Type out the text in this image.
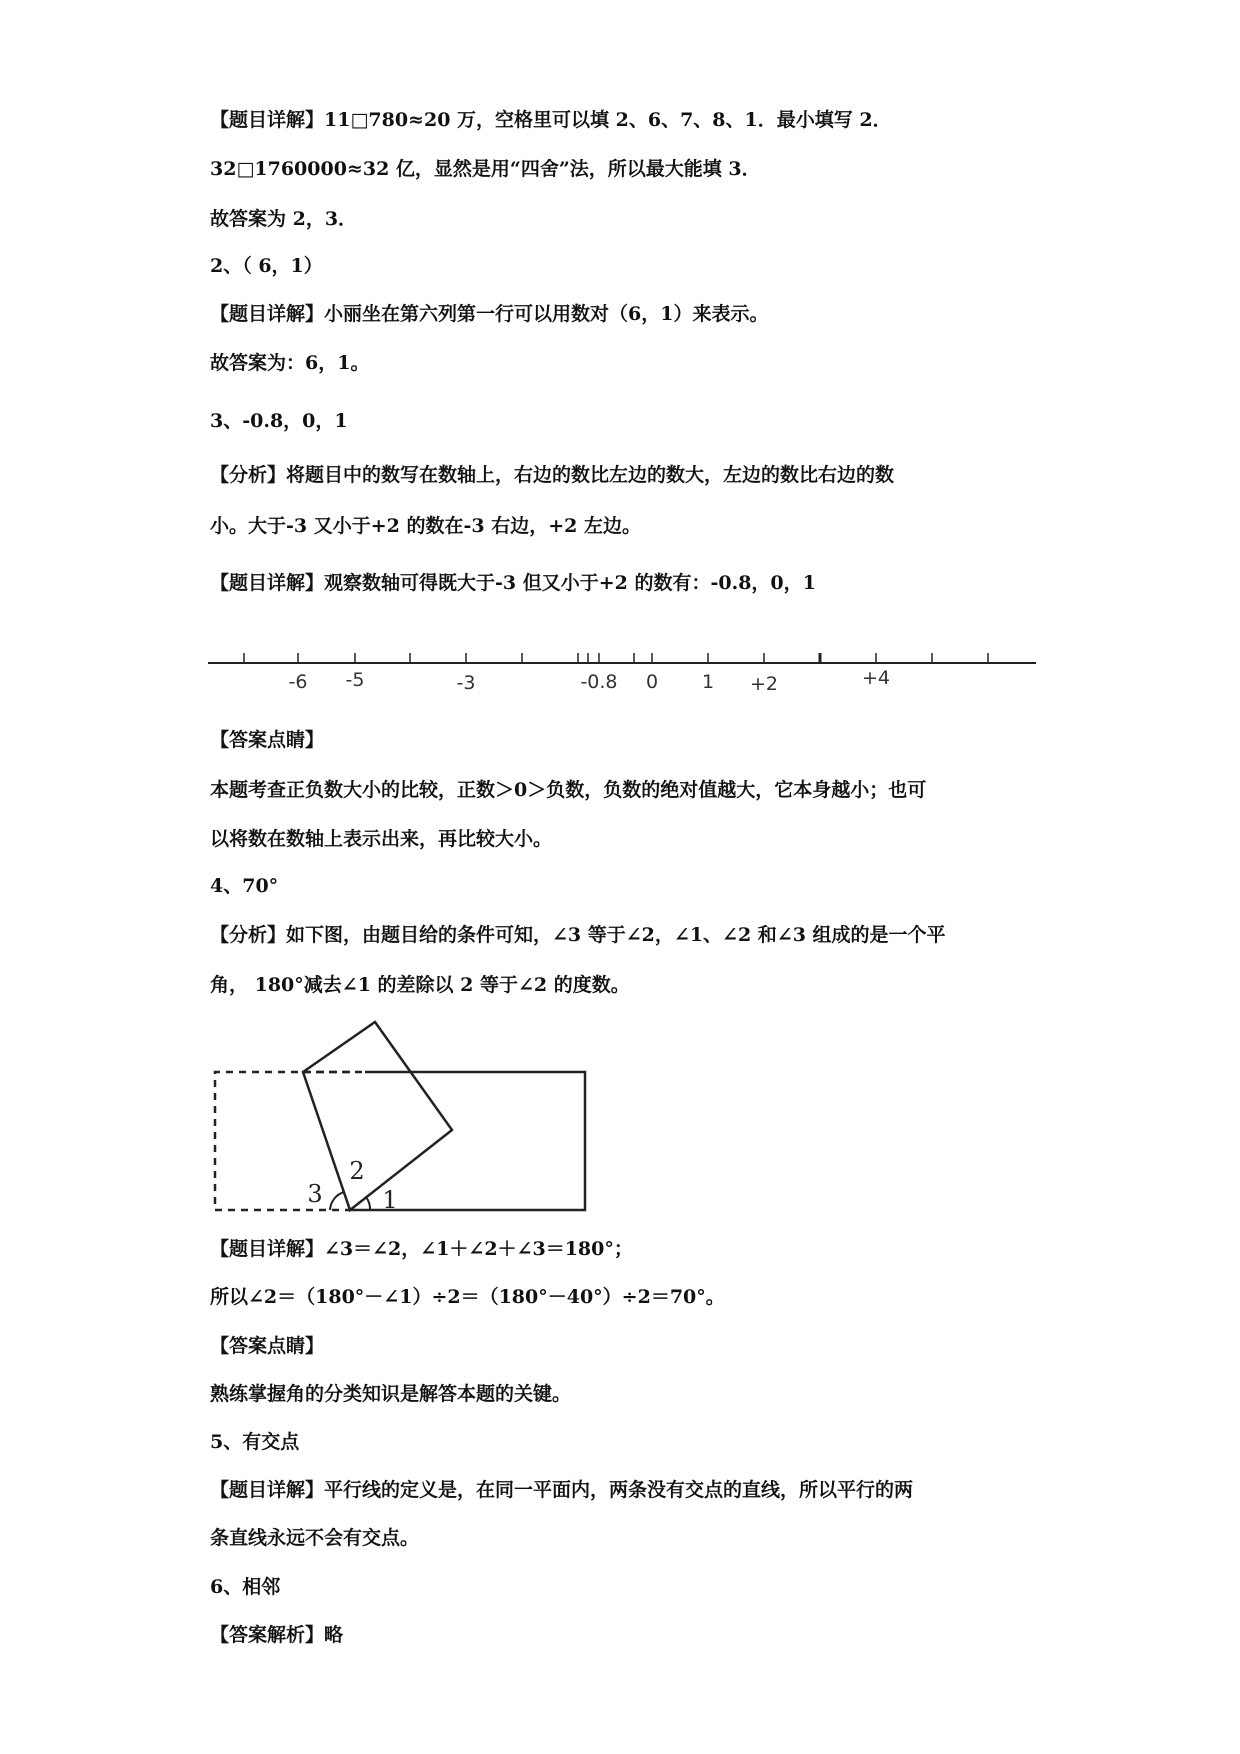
【题目详解】11□780≈20 万，空格里可以填 2、6、7、8、1．最小填写 2．
32□1760000≈32 亿，显然是用“四舍”法，所以最大能填 3．
故答案为 2，3．
2、（ 6，1）
【题目详解】小丽坐在第六列第一行可以用数对（6，1）来表示。
故答案为：6，1。
3、-0.8，0，1
【分析】将题目中的数写在数轴上，右边的数比左边的数大，左边的数比右边的数
小。大于-3 又小于+2 的数在-3 右边，+2 左边。
【题目详解】观察数轴可得既大于-3 但又小于+2 的数有：-0.8，0，1
-6 -5	-3	-0.8 0 1 +2	+4
【答案点睛】
本题考查正负数大小的比较，正数＞0＞负数，负数的绝对值越大，它本身越小；也可
以将数在数轴上表示出来，再比较大小。
4、70°
【分析】如下图，由题目给的条件可知，∠3 等于∠2，∠1、∠2 和∠3 组成的是一个平
角， 180°减去∠1 的差除以 2 等于∠2 的度数。
3
2
1
【题目详解】∠3＝∠2，∠1＋∠2＋∠3＝180°；
所以∠2＝（180°－∠1）÷2＝（180°－40°）÷2＝70°。
【答案点睛】
熟练掌握角的分类知识是解答本题的关键。
5、有交点
【题目详解】平行线的定义是，在同一平面内，两条没有交点的直线，所以平行的两
条直线永远不会有交点。
6、相邻
【答案解析】略
